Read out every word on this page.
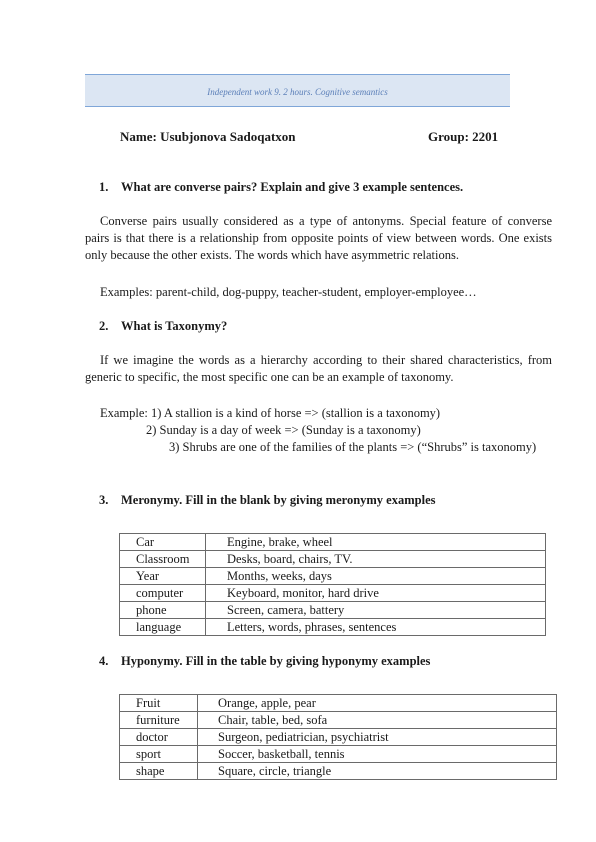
Independent work 9. 2 hours. Cognitive semantics
Name: Usubjonova Sadoqatxon	Group: 2201
1. What are converse pairs? Explain and give 3 example sentences.

Converse pairs usually considered as a type of antonyms. Special feature of converse pairs is that there is a relationship from opposite points of view between words. One exists only because the other exists. The words which have asymmetric relations.

Examples: parent-child, dog-puppy, teacher-student, employer-employee…
2. What is Taxonymy?

If we imagine the words as a hierarchy according to their shared characteristics, from generic to specific, the most specific one can be an example of taxonomy.

Example: 1) A stallion is a kind of horse => (stallion is a taxonomy)
2) Sunday is a day of week => (Sunday is a taxonomy)

3) Shrubs are one of the families of the plants => (“Shrubs” is taxonomy)

3. Meronymy. Fill in the blank by giving meronymy examples
Car	Engine, brake, wheel
Classroom	Desks, board, chairs, TV.
Year	Months, weeks, days
computer	Keyboard, monitor, hard drive
phone	Screen, camera, battery
language	Letters, words, phrases, sentences
4. Hyponymy. Fill in the table by giving hyponymy examples
Fruit	Orange, apple, pear
furniture	Chair, table, bed, sofa
doctor	Surgeon, pediatrician, psychiatrist
sport	Soccer, basketball, tennis
shape	Square, circle, triangle
